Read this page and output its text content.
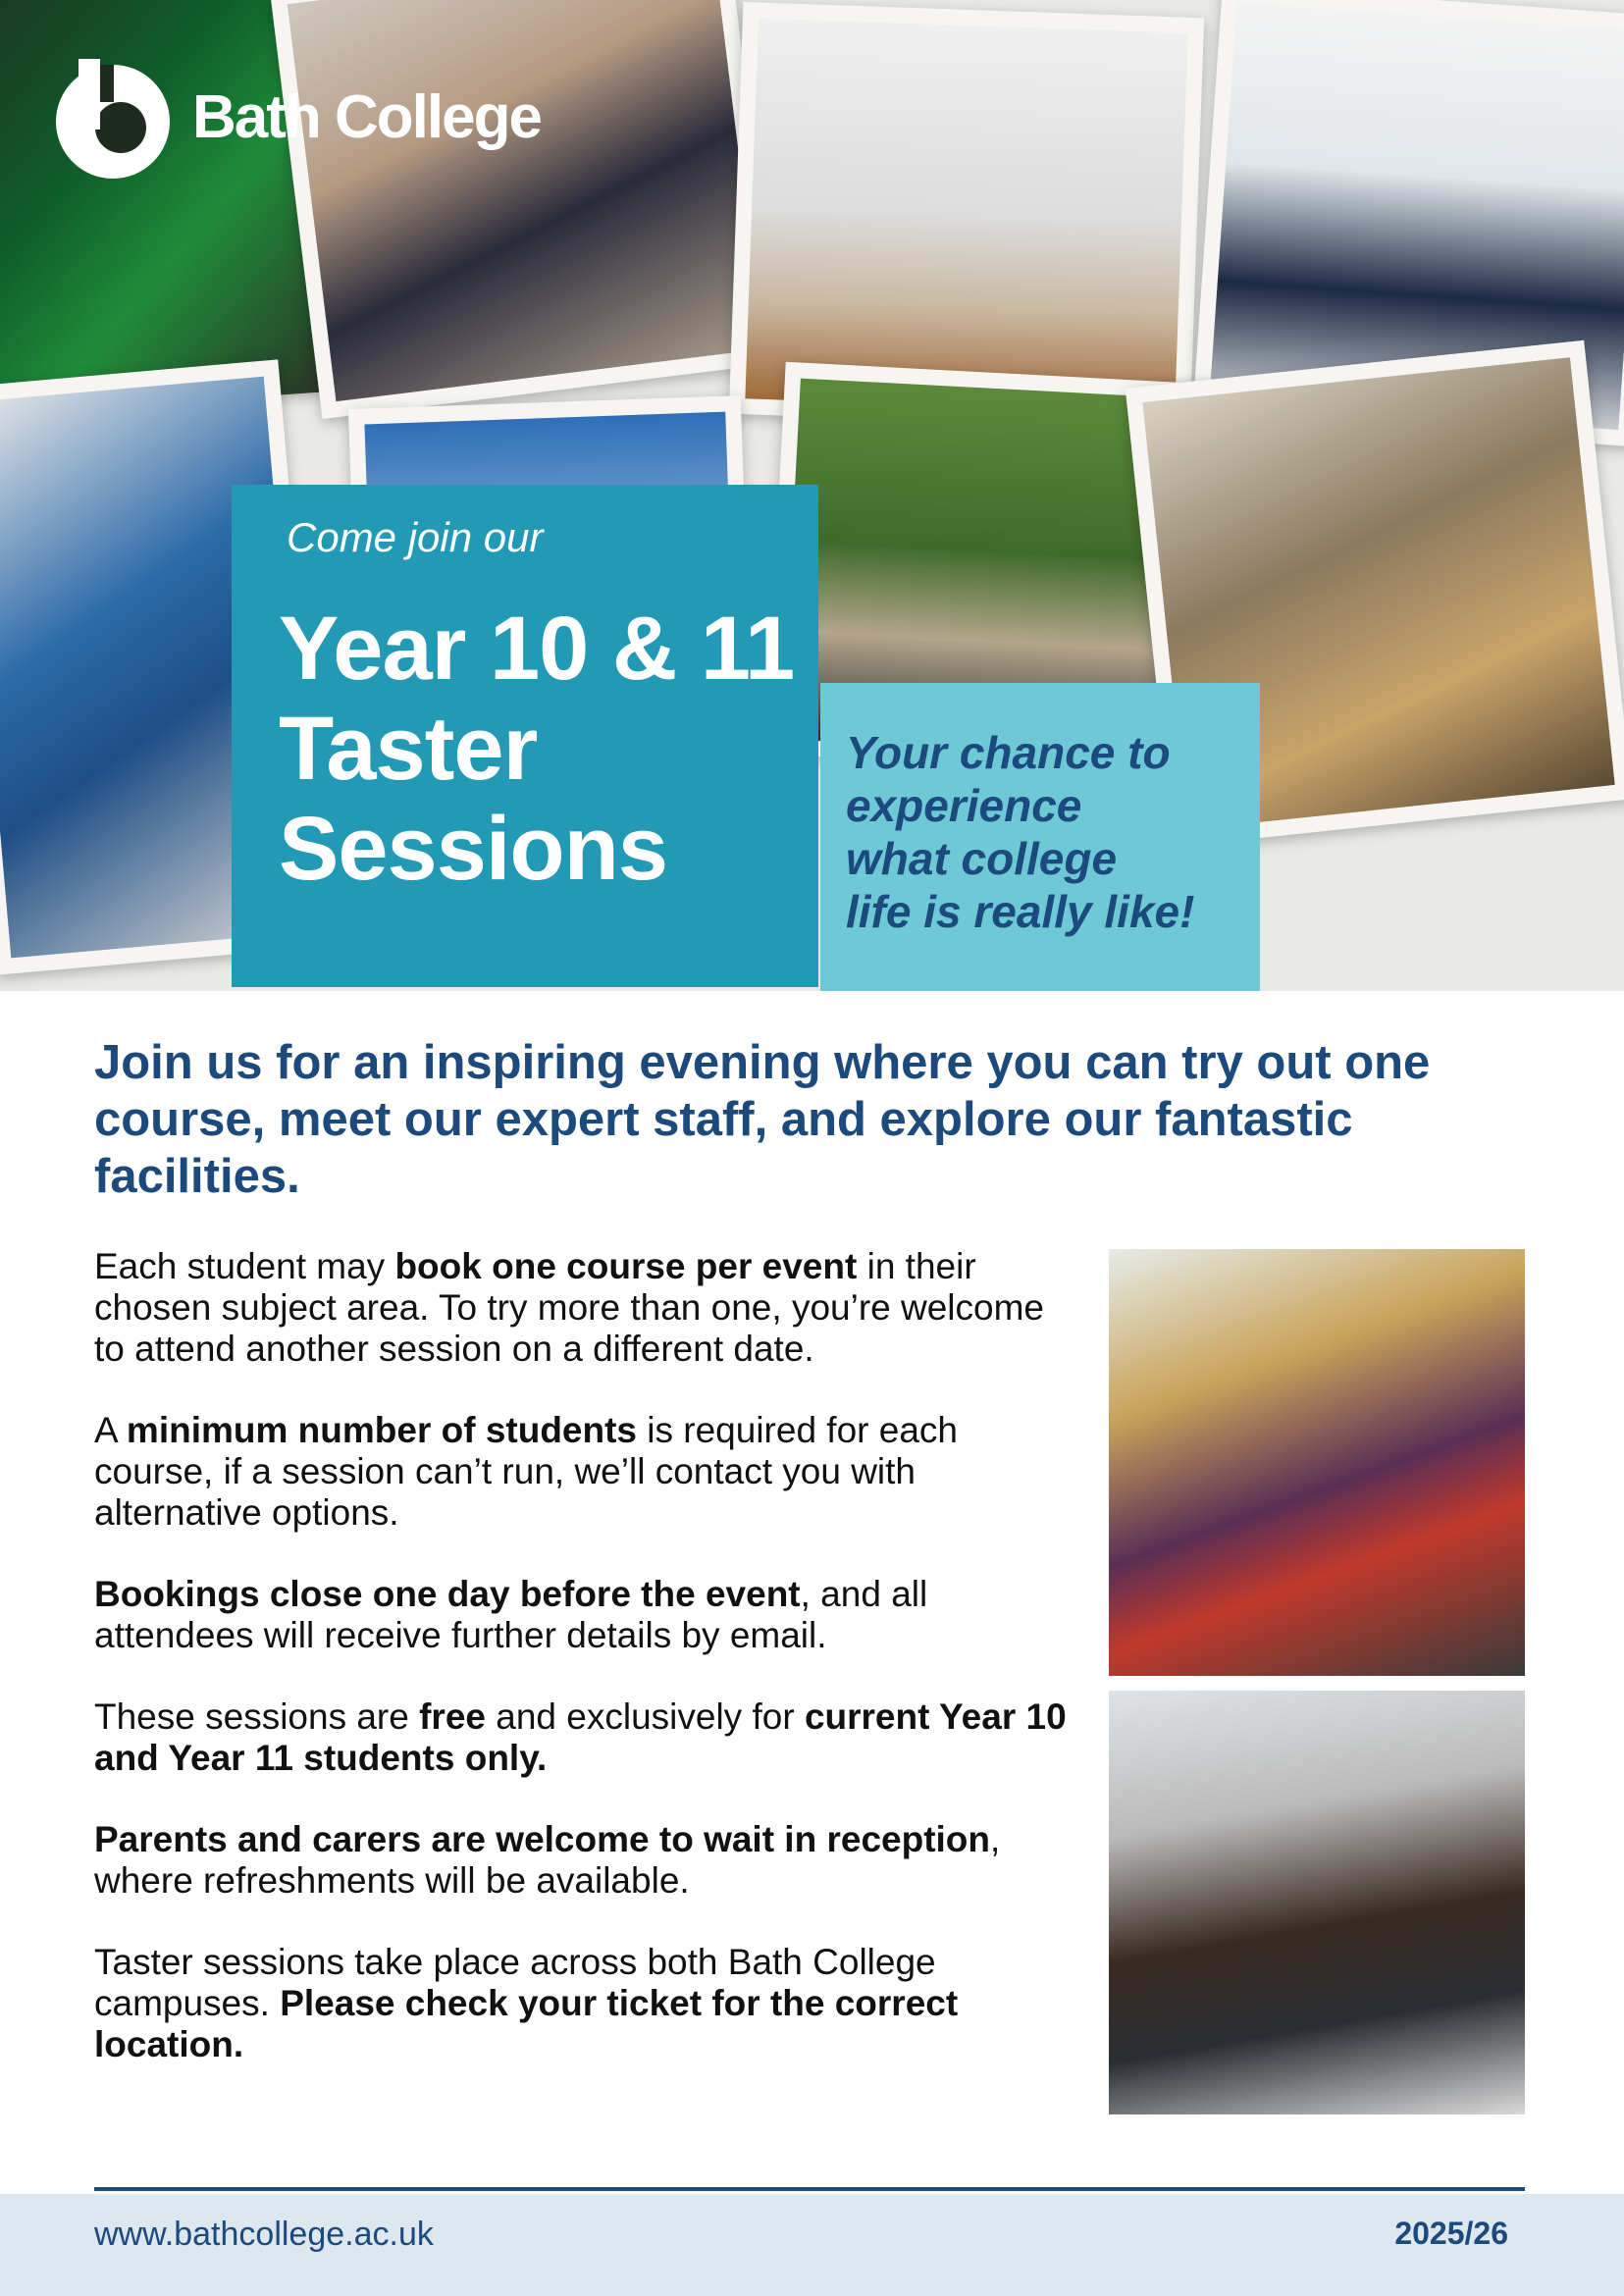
Bath College
Come join our
Year 10 & 11
Taster
Sessions

Your chance to
experience
what college
life is really like!

Join us for an inspiring evening where you can try out one course, meet our expert staff, and explore our fantastic facilities.
Each student may book one course per event in their chosen subject area. To try more than one, you’re welcome to attend another session on a different date.
A minimum number of students is required for each course, if a session can’t run, we’ll contact you with alternative options.
Bookings close one day before the event, and all attendees will receive further details by email.
These sessions are free and exclusively for current Year 10 and Year 11 students only.
Parents and carers are welcome to wait in reception, where refreshments will be available.
Taster sessions take place across both Bath College campuses. Please check your ticket for the correct location.
www.bathcollege.ac.uk	2025/26
